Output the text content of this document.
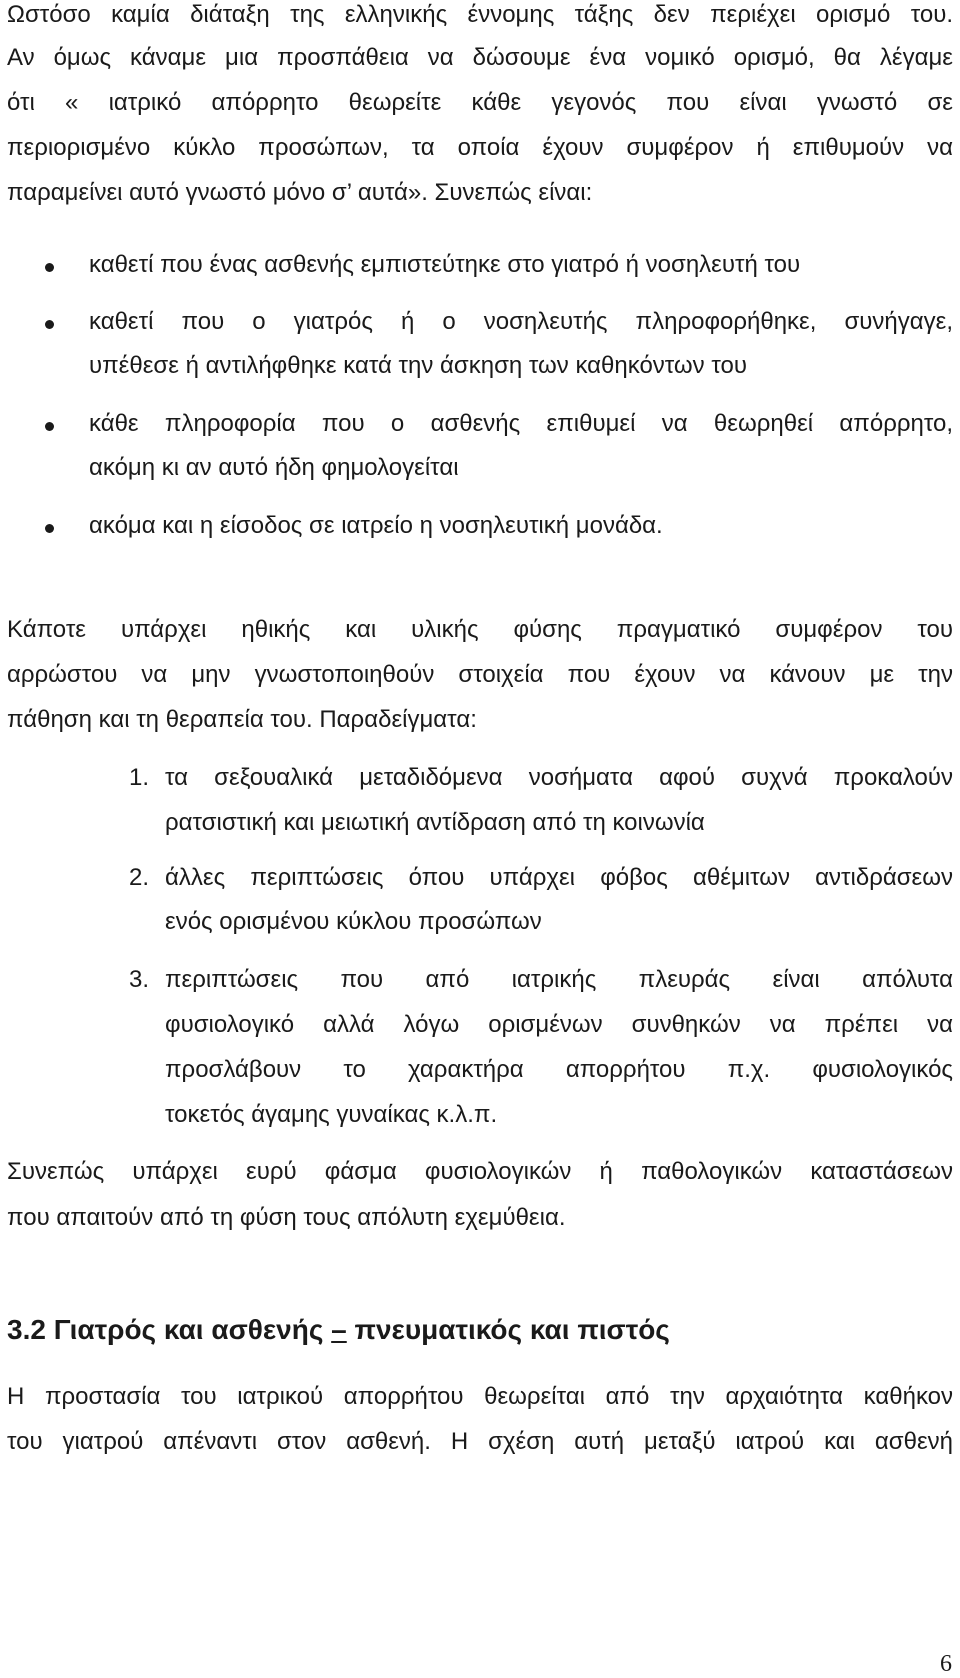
Ωστόσο καμία διάταξη της ελληνικής έννομης τάξης δεν περιέχει ορισμό του.
Αν όμως κάναμε μια προσπάθεια να δώσουμε ένα νομικό ορισμό, θα λέγαμε
ότι « ιατρικό απόρρητο θεωρείτε κάθε γεγονός που είναι γνωστό σε
περιορισμένο κύκλο προσώπων, τα οποία έχουν συμφέρον ή επιθυμούν να
παραμείνει αυτό γνωστό μόνο σ’ αυτά». Συνεπώς είναι:
καθετί που ένας ασθενής εμπιστεύτηκε στο γιατρό ή νοσηλευτή του
καθετί που ο γιατρός ή ο νοσηλευτής πληροφορήθηκε, συνήγαγε,
υπέθεσε ή αντιλήφθηκε κατά την άσκηση των καθηκόντων του
κάθε πληροφορία που ο ασθενής επιθυμεί να θεωρηθεί απόρρητο,
ακόμη κι αν αυτό ήδη φημολογείται
ακόμα και η είσοδος σε ιατρείο η νοσηλευτική μονάδα.
Κάποτε υπάρχει ηθικής και υλικής φύσης πραγματικό συμφέρον του
αρρώστου να μην γνωστοποιηθούν στοιχεία που έχουν να κάνουν με την
πάθηση και τη θεραπεία του. Παραδείγματα:
1. τα σεξουαλικά μεταδιδόμενα νοσήματα αφού συχνά προκαλούν
ρατσιστική και μειωτική αντίδραση από τη κοινωνία
2. άλλες περιπτώσεις όπου υπάρχει φόβος αθέμιτων αντιδράσεων
ενός ορισμένου κύκλου προσώπων
3. περιπτώσεις που από ιατρικής πλευράς είναι απόλυτα
φυσιολογικό αλλά λόγω ορισμένων συνθηκών να πρέπει να
προσλάβουν το χαρακτήρα απορρήτου π.χ. φυσιολογικός
τοκετός άγαμης γυναίκας κ.λ.π.
Συνεπώς υπάρχει ευρύ φάσμα φυσιολογικών ή παθολογικών καταστάσεων
που απαιτούν από τη φύση τους απόλυτη εχεμύθεια.
3.2 Γιατρός και ασθενής – πνευματικός και πιστός
Η προστασία του ιατρικού απορρήτου θεωρείται από την αρχαιότητα καθήκον
του γιατρού απέναντι στον ασθενή. Η σχέση αυτή μεταξύ ιατρού και ασθενή
6
